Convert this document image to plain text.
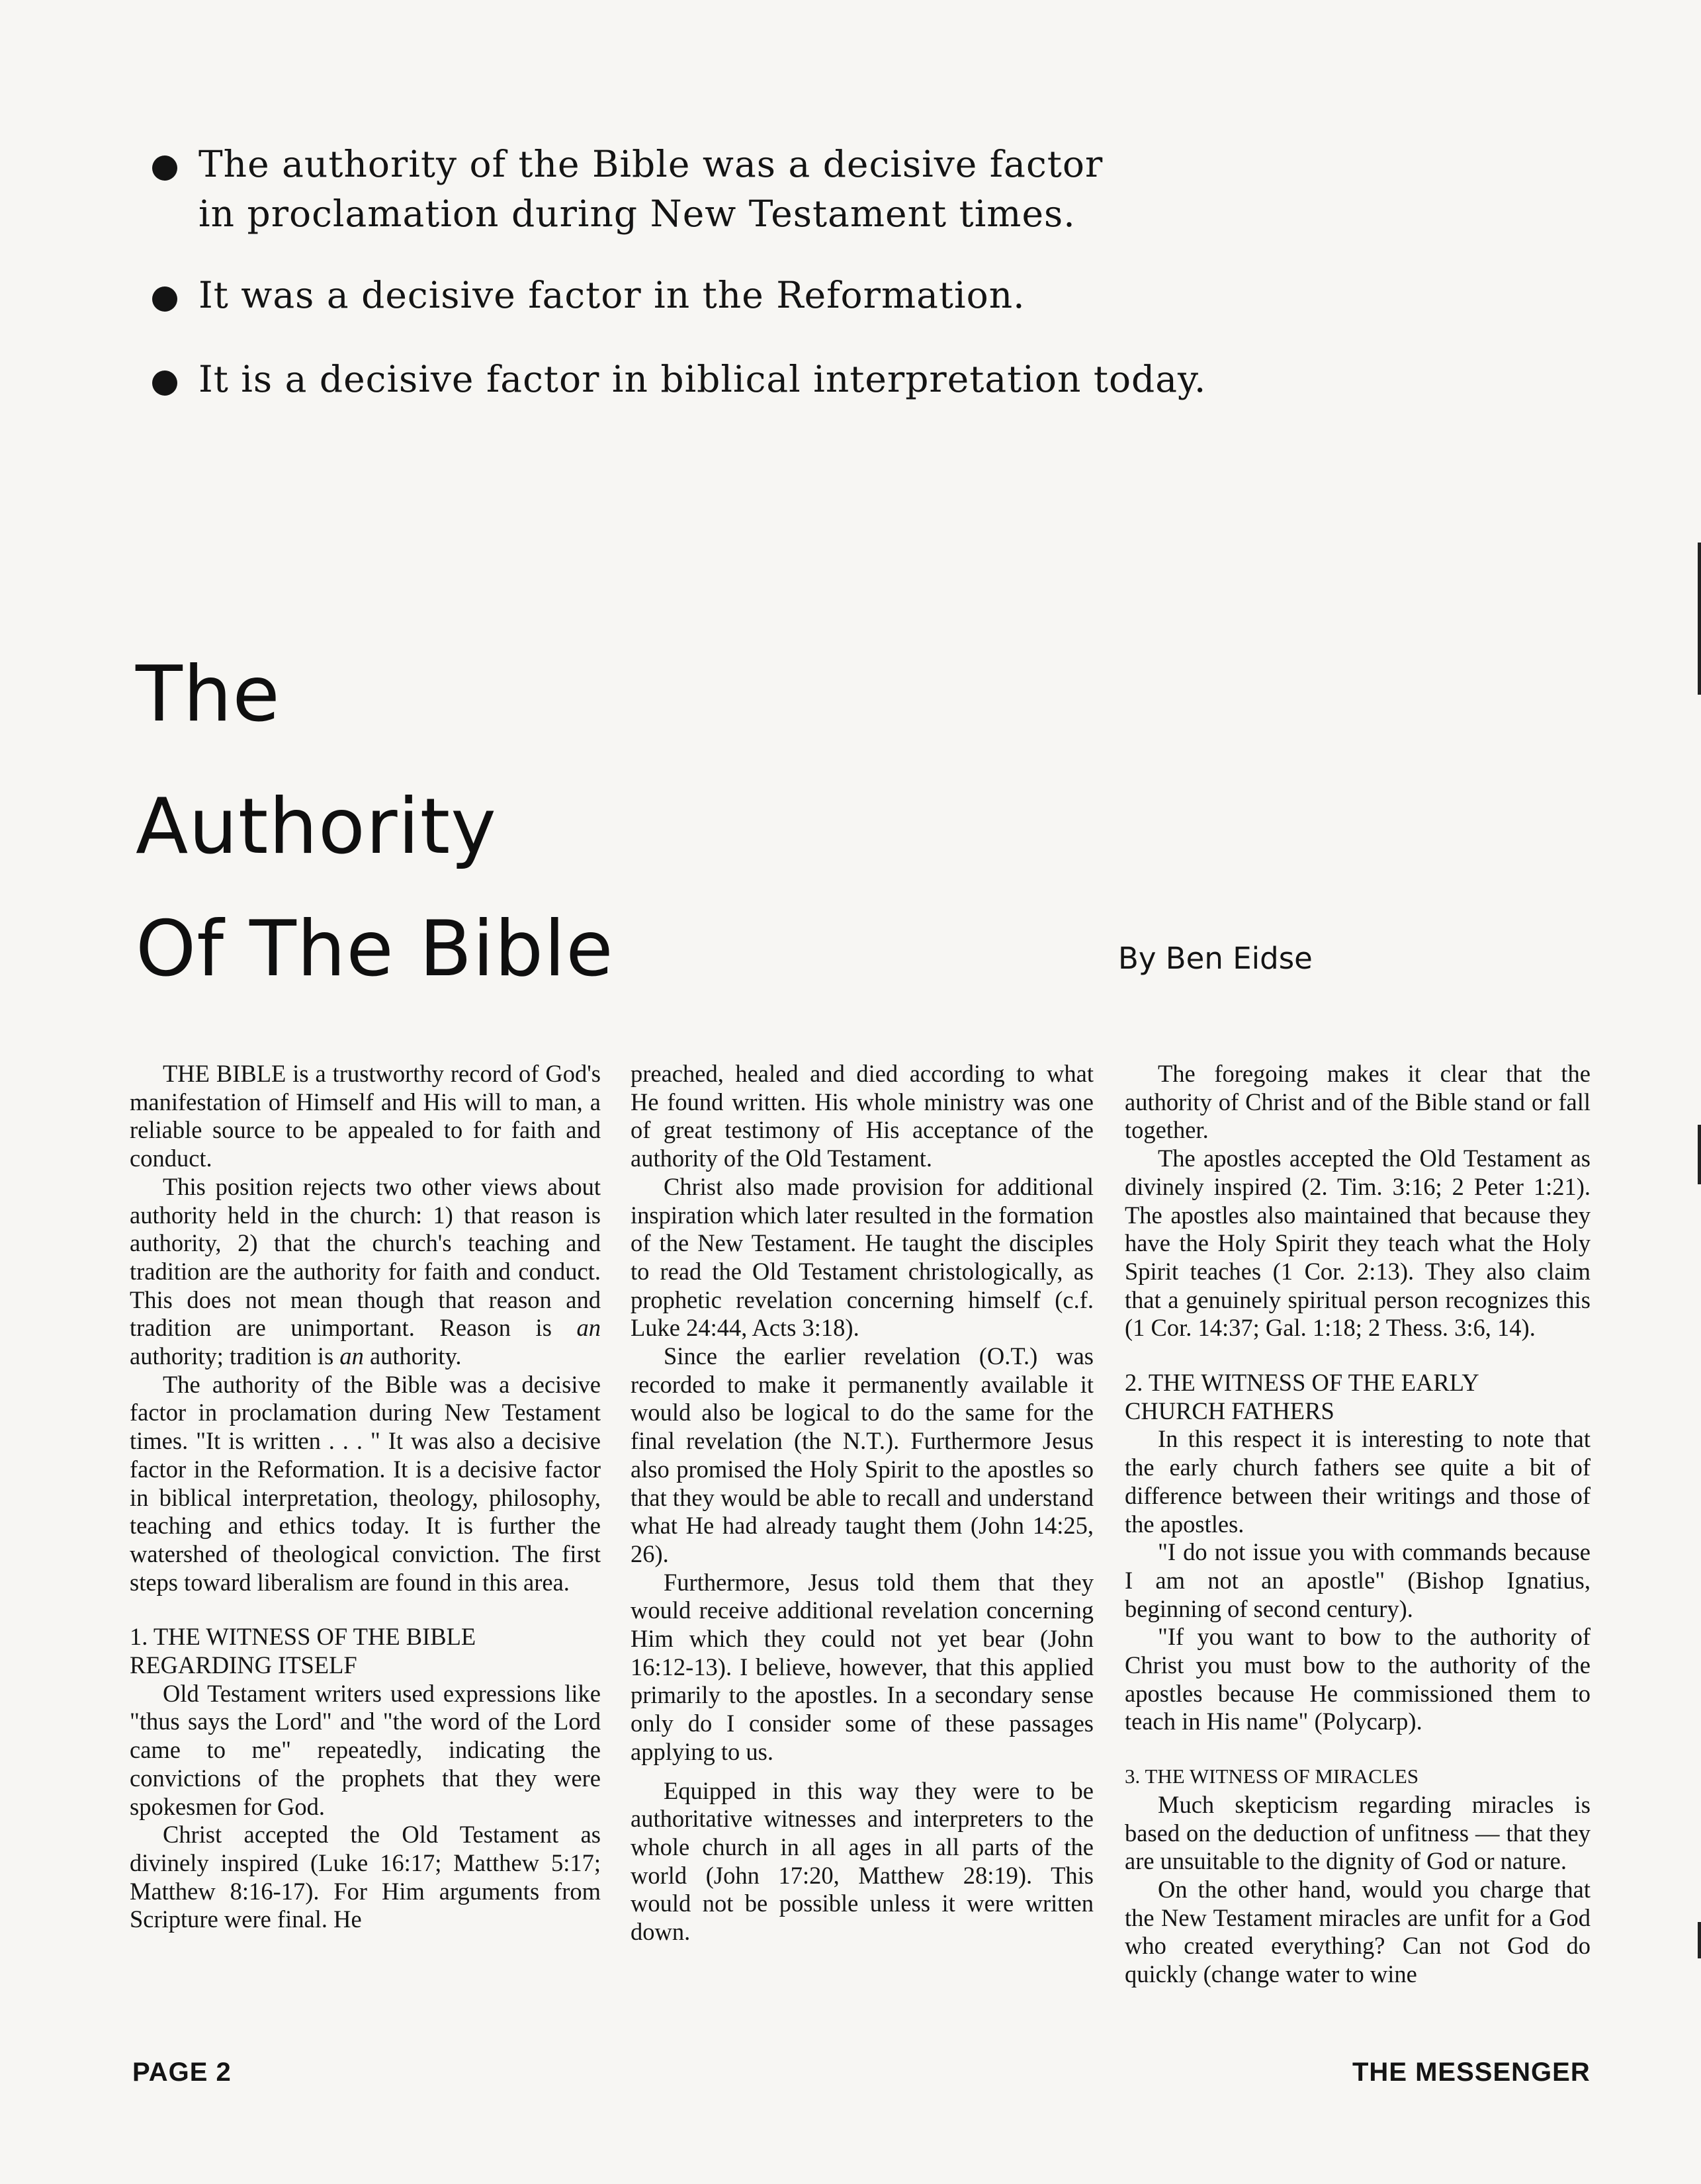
The authority of the Bible was a decisive factor
in proclamation during New Testament times.
It was a decisive factor in the Reformation.
It is a decisive factor in biblical interpretation today.
The
Authority
Of The Bible	By Ben Eidse

THE BIBLE is a trustworthy record of God's manifestation of Himself and His will to man, a reliable source to be appealed to for faith and conduct.

This position rejects two other views about authority held in the church: 1) that reason is authority, 2) that the church's teaching and tradition are the authority for faith and conduct. This does not mean though that reason and tradition are unimportant. Reason is an authority; tradition is an authority.

The authority of the Bible was a decisive factor in proclamation during New Testament times. "It is written . . . " It was also a decisive factor in the Reformation. It is a decisive factor in biblical interpretation, theology, philosophy, teaching and ethics today. It is further the watershed of theological conviction. The first steps toward liberalism are found in this area.

1. THE WITNESS OF THE BIBLE

REGARDING ITSELF

Old Testament writers used expressions like "thus says the Lord" and "the word of the Lord came to me" repeatedly, indicating the convictions of the prophets that they were spokesmen for God.

Christ accepted the Old Testament as divinely inspired (Luke 16:17; Matthew 5:17; Matthew 8:16-17). For Him arguments from Scripture were final. He

preached, healed and died according to what He found written. His whole ministry was one of great testimony of His acceptance of the authority of the Old Testament.

Christ also made provision for additional inspiration which later resulted in the formation of the New Testament. He taught the disciples to read the Old Testament christologically, as prophetic revelation concerning himself (c.f. Luke 24:44, Acts 3:18).

Since the earlier revelation (O.T.) was recorded to make it permanently available it would also be logical to do the same for the final revelation (the N.T.). Furthermore Jesus also promised the Holy Spirit to the apostles so that they would be able to recall and understand what He had already taught them (John 14:25, 26).

Furthermore, Jesus told them that they would receive additional revelation concerning Him which they could not yet bear (John 16:12-13). I believe, however, that this applied primarily to the apostles. In a secondary sense only do I consider some of these passages applying to us.

Equipped in this way they were to be authoritative witnesses and interpreters to the whole church in all ages in all parts of the world (John 17:20, Matthew 28:19). This would not be possible unless it were written down.

The foregoing makes it clear that the authority of Christ and of the Bible stand or fall together.

The apostles accepted the Old Testament as divinely inspired (2. Tim. 3:16; 2 Peter 1:21). The apostles also maintained that because they have the Holy Spirit they teach what the Holy Spirit teaches (1 Cor. 2:13). They also claim that a genuinely spiritual person recognizes this (1 Cor. 14:37; Gal. 1:18; 2 Thess. 3:6, 14).

2. THE WITNESS OF THE EARLY

CHURCH FATHERS

In this respect it is interesting to note that the early church fathers see quite a bit of difference between their writings and those of the apostles.

"I do not issue you with commands because I am not an apostle" (Bishop Ignatius, beginning of second century).

"If you want to bow to the authority of Christ you must bow to the authority of the apostles because He commissioned them to teach in His name" (Polycarp).

3. THE WITNESS OF MIRACLES

Much skepticism regarding miracles is based on the deduction of unfitness — that they are unsuitable to the dignity of God or nature.

On the other hand, would you charge that the New Testament miracles are unfit for a God who created everything? Can not God do quickly (change water to wine

PAGE 2	THE MESSENGER
